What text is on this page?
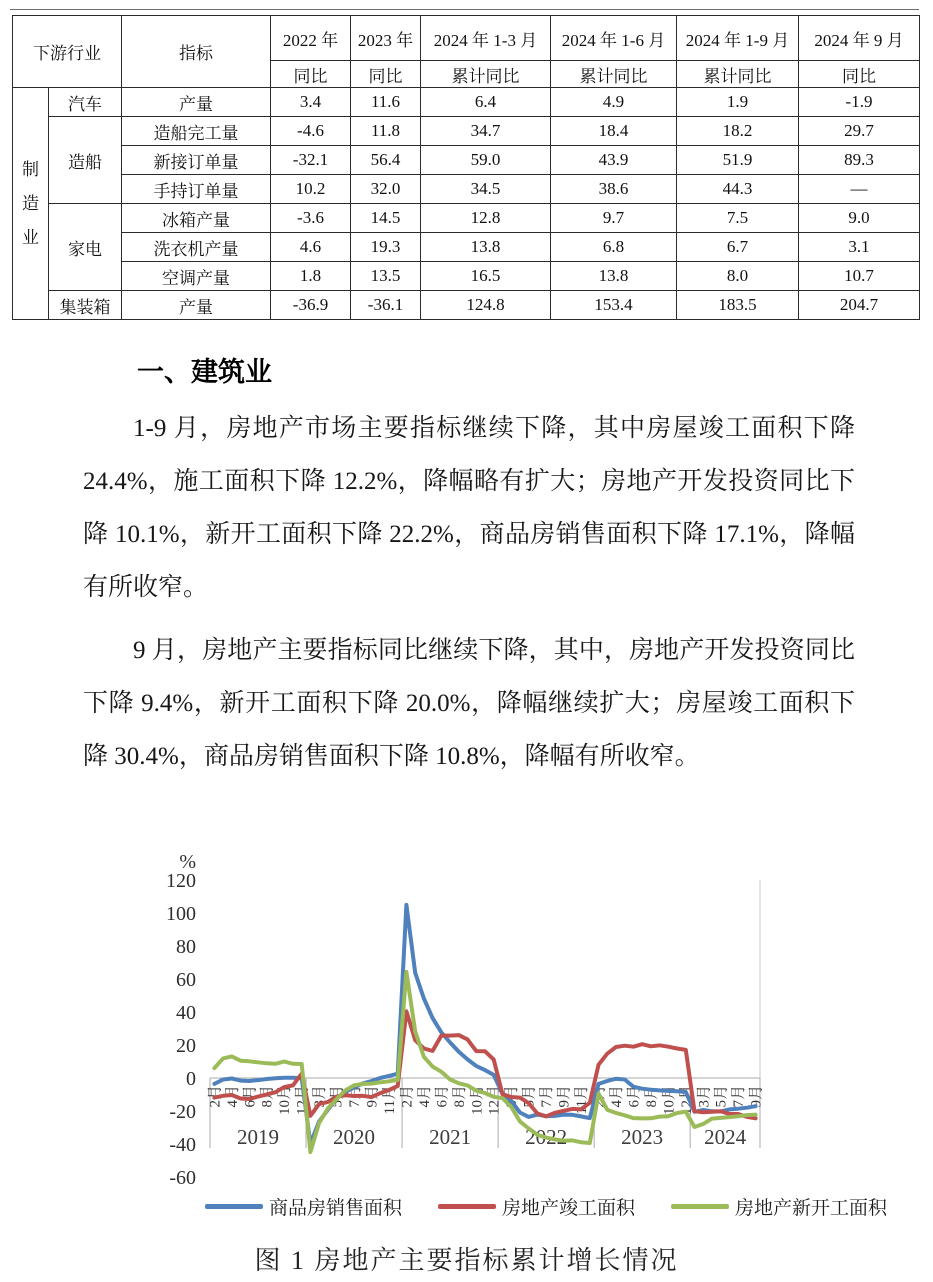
下游行业		指标	2022 年	2023 年	2024 年 1-3 月	2024 年 1-6 月	2024 年 1-9 月	2024 年 9 月
			同比	同比	累计同比	累计同比	累计同比	同比

制
造
业	汽车	产量	3.4	11.6	6.4	4.9	1.9	-1.9
	造船	造船完工量	-4.6	11.8	34.7	18.4	18.2	29.7
		新接订单量	-32.1	56.4	59.0	43.9	51.9	89.3
		手持订单量	10.2	32.0	34.5	38.6	44.3	—
	家电	冰箱产量	-3.6	14.5	12.8	9.7	7.5	9.0
		洗衣机产量	4.6	19.3	13.8	6.8	6.7	3.1
		空调产量	1.8	13.5	16.5	13.8	8.0	10.7
	集装箱	产量	-36.9	-36.1	124.8	153.4	183.5	204.7
一、建筑业
1-9 月，房地产市场主要指标继续下降，其中房屋竣工面积下降 24.4%，施工面积下降 12.2%，降幅略有扩大；房地产开发投资同比下降 10.1%，新开工面积下降 22.2%，商品房销售面积下降 17.1%，降幅有所收窄。
9 月，房地产主要指标同比继续下降，其中，房地产开发投资同比下降 9.4%，新开工面积下降 20.0%，降幅继续扩大；房屋竣工面积下降 30.4%，商品房销售面积下降 10.8%，降幅有所收窄。
%
120
100
80
60
40
20
0
-20
-40
-60
2月 4月 6月 8月 10月 12月 3月 5月 7月 9月 11月 2月 4月 6月 8月 10月 12月 3月 5月 7月 9月 11月 2月 4月 6月 8月 10月 12月 3月 5月 7月 9月
2019	2020	2021	2022	2023 2024
商品房销售面积	房地产竣工面积	房地产新开工面积
图 1 房地产主要指标累计增长情况
